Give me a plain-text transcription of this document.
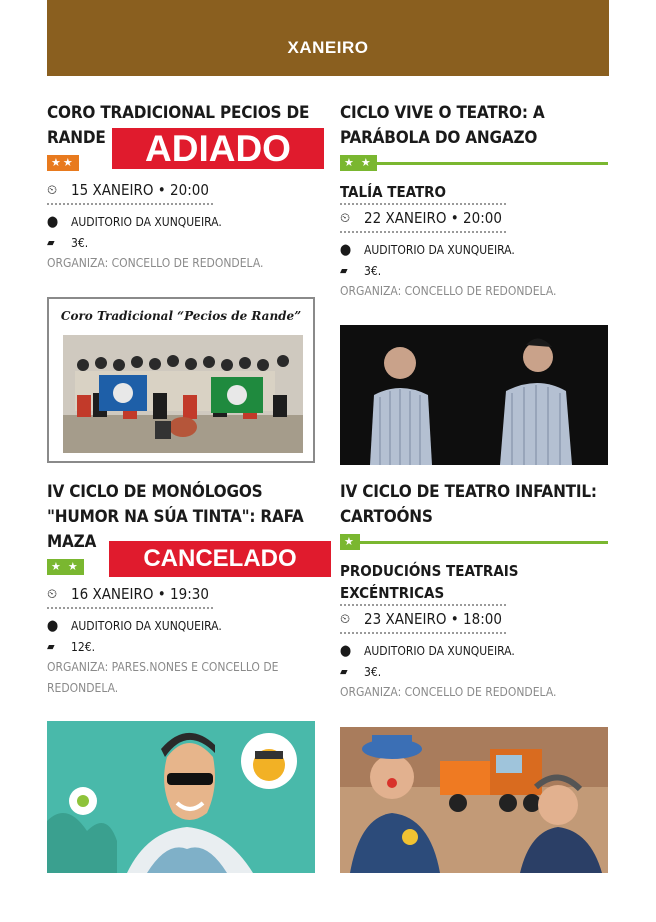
XANEIRO
CORO TRADICIONAL PECIOS DE RANDE
★★
⏲ 15 XANEIRO • 20:00
⬤ AUDITORIO DA XUNQUEIRA.
▰	3€.
ORGANIZA: CONCELLO DE REDONDELA.
ADIADO
Coro Tradicional “Pecios de Rande”
CICLO VIVE O TEATRO: A PARÁBOLA DO ANGAZO
★ ★
TALÍA TEATRO
⏲ 22 XANEIRO • 20:00
⬤ AUDITORIO DA XUNQUEIRA.
▰	3€.
ORGANIZA: CONCELLO DE REDONDELA.
IV CICLO DE MONÓLOGOS "HUMOR NA SÚA TINTA": RAFA MAZA
★ ★
⏲ 16 XANEIRO • 19:30
⬤ AUDITORIO DA XUNQUEIRA.
▰	12€.
ORGANIZA: PARES.NONES E CONCELLO DE REDONDELA.
CANCELADO
IV CICLO DE TEATRO INFANTIL: CARTOÓNS
★
PRODUCIÓNS TEATRAIS EXCÉNTRICAS
⏲ 23 XANEIRO • 18:00
⬤ AUDITORIO DA XUNQUEIRA.
▰	3€.
ORGANIZA: CONCELLO DE REDONDELA.
